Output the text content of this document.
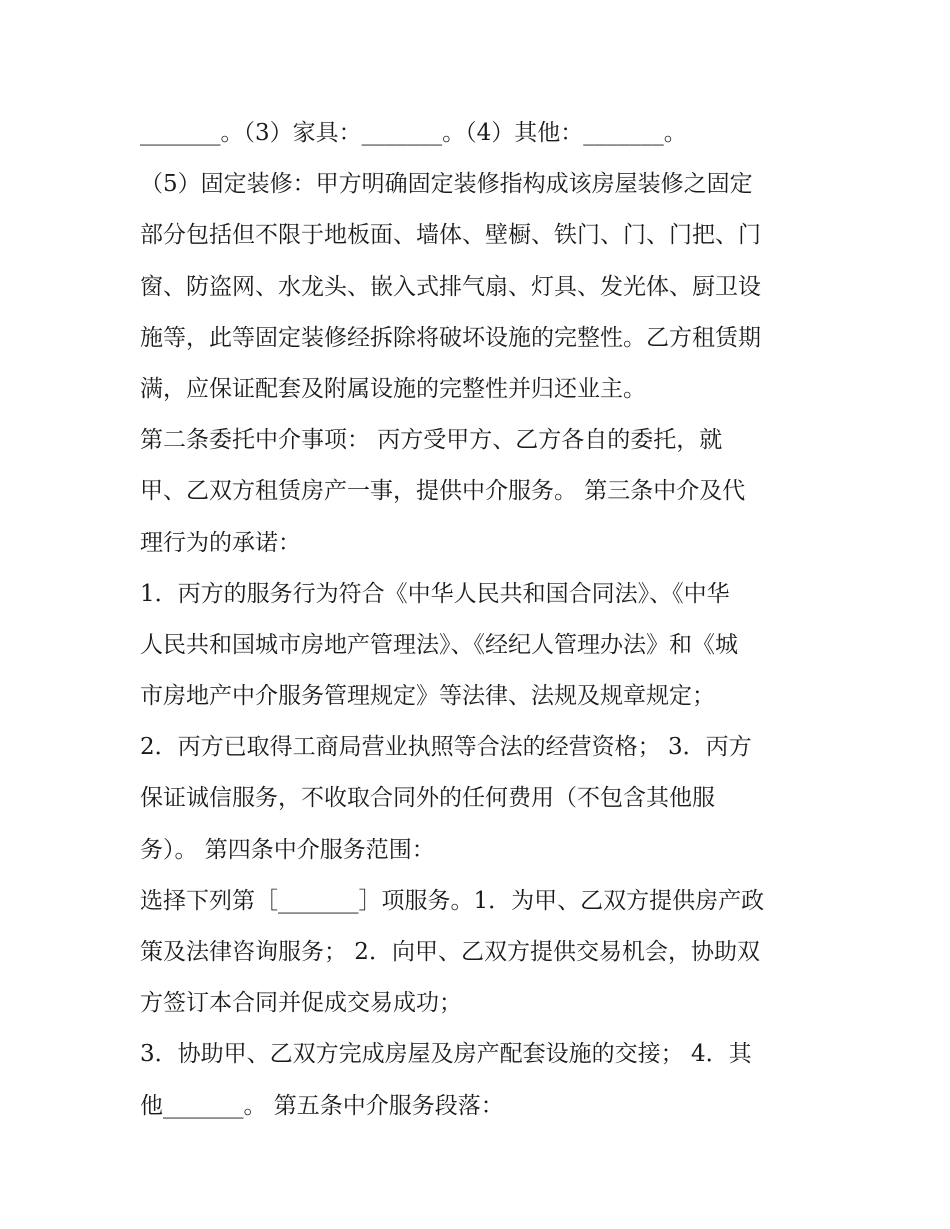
_______。（3）家具：_______。（4）其他：_______。
（5）固定装修：甲方明确固定装修指构成该房屋装修之固定
部分包括但不限于地板面、墙体、壁橱、铁门、门、门把、门
窗、防盗网、水龙头、嵌入式排气扇、灯具、发光体、厨卫设
施等，此等固定装修经拆除将破坏设施的完整性。乙方租赁期
满，应保证配套及附属设施的完整性并归还业主。
第二条委托中介事项： 丙方受甲方、乙方各自的委托，就
甲、乙双方租赁房产一事，提供中介服务。 第三条中介及代
理行为的承诺：
1．丙方的服务行为符合《中华人民共和国合同法》、《中华
人民共和国城市房地产管理法》、《经纪人管理办法》和《城
市房地产中介服务管理规定》等法律、法规及规章规定；
2．丙方已取得工商局营业执照等合法的经营资格； 3．丙方
保证诚信服务，不收取合同外的任何费用（不包含其他服
务）。 第四条中介服务范围：
选择下列第［_______］项服务。1．为甲、乙双方提供房产政
策及法律咨询服务； 2．向甲、乙双方提供交易机会，协助双
方签订本合同并促成交易成功；
3．协助甲、乙双方完成房屋及房产配套设施的交接； 4．其
他_______。 第五条中介服务段落：
